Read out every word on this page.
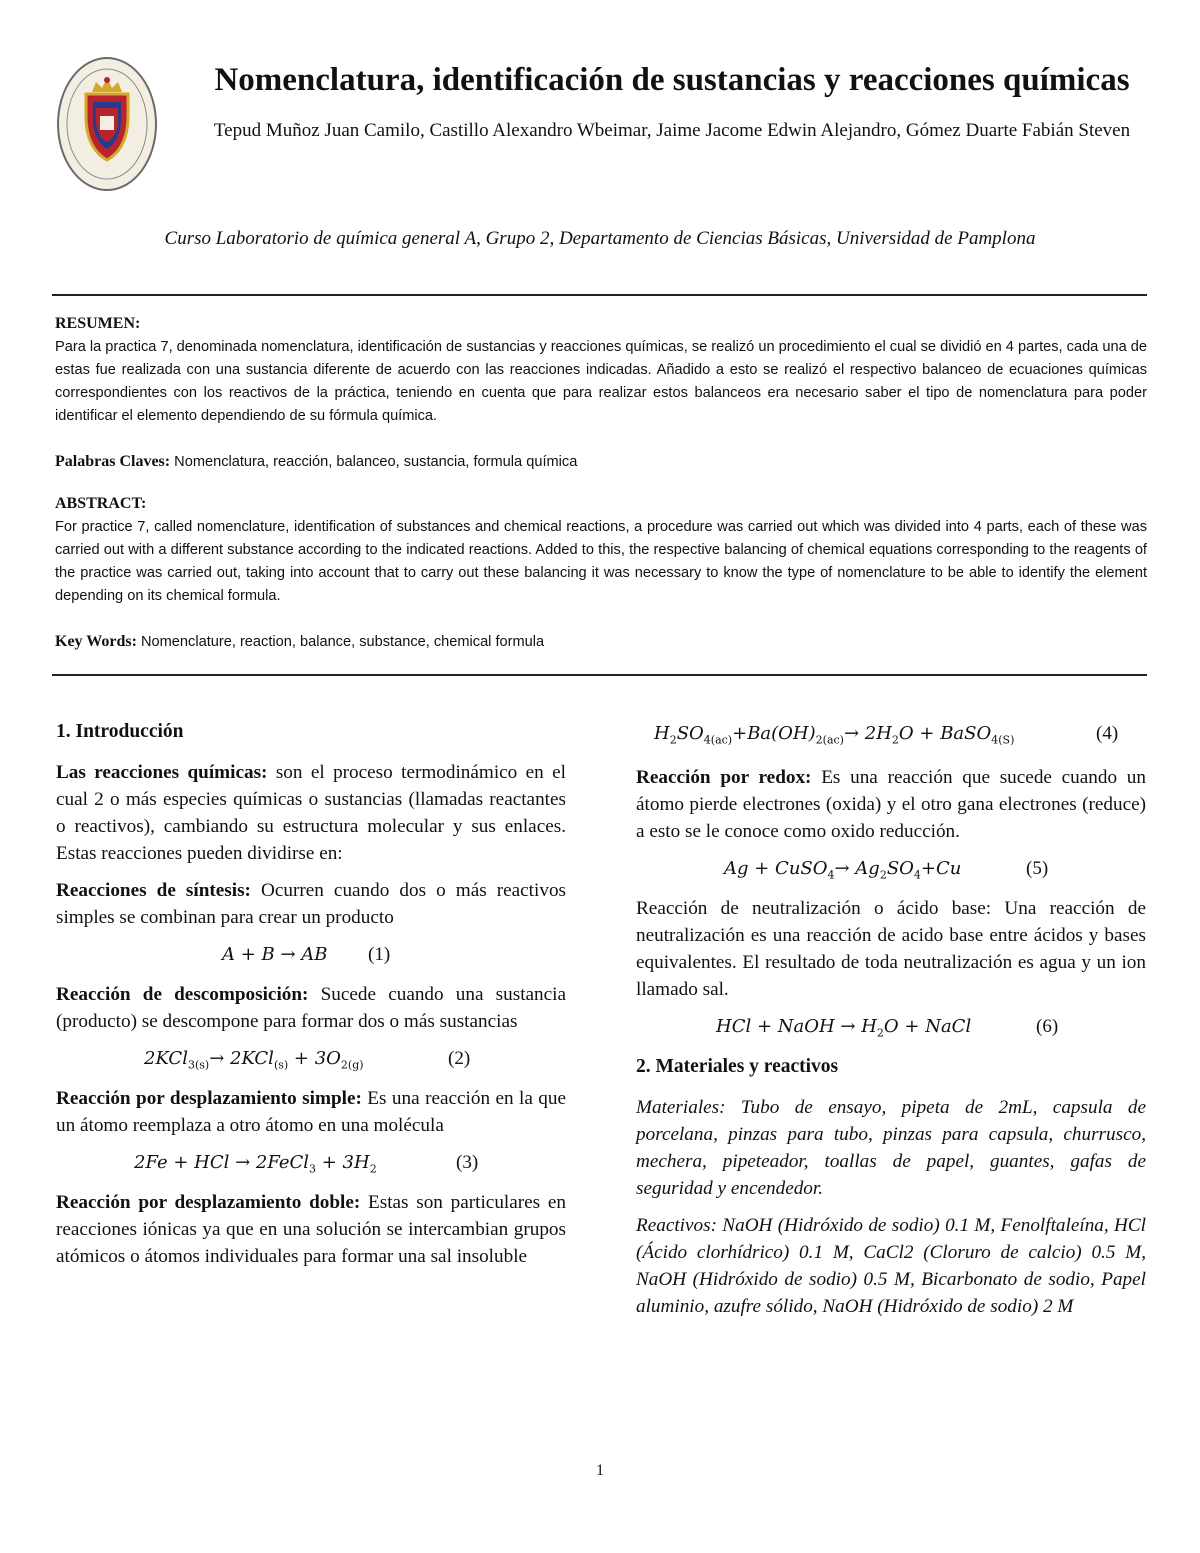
Nomenclatura, identificación de sustancias y reacciones químicas
Tepud Muñoz Juan Camilo, Castillo Alexandro Wbeimar, Jaime Jacome Edwin Alejandro, Gómez Duarte Fabián Steven
Curso Laboratorio de química general A, Grupo 2, Departamento de Ciencias Básicas, Universidad de Pamplona

RESUMEN:

Para la practica 7, denominada nomenclatura, identificación de sustancias y reacciones químicas, se realizó un procedimiento el cual se dividió en 4 partes, cada una de estas fue realizada con una sustancia diferente de acuerdo con las reacciones indicadas. Añadido a esto se realizó el respectivo balanceo de ecuaciones químicas correspondientes con los reactivos de la práctica, teniendo en cuenta que para realizar estos balanceos era necesario saber el tipo de nomenclatura para poder identificar el elemento dependiendo de su fórmula química.

Palabras Claves: Nomenclatura, reacción, balanceo, sustancia, formula química

ABSTRACT:

For practice 7, called nomenclature, identification of substances and chemical reactions, a procedure was carried out which was divided into 4 parts, each of these was carried out with a different substance according to the indicated reactions. Added to this, the respective balancing of chemical equations corresponding to the reagents of the practice was carried out, taking into account that to carry out these balancing it was necessary to know the type of nomenclature to be able to identify the element depending on its chemical formula.

Key Words: Nomenclature, reaction, balance, substance, chemical formula

1. Introducción

Las reacciones químicas: son el proceso termodinámico en el cual 2 o más especies químicas o sustancias (llamadas reactantes o reactivos), cambiando su estructura molecular y sus enlaces. Estas reacciones pueden dividirse en:

Reacciones de síntesis: Ocurren cuando dos o más reactivos simples se combinan para crear un producto

A + B → AB (1)

Reacción de descomposición: Sucede cuando una sustancia (producto) se descompone para formar dos o más sustancias

$2KCl_{3(s)}\to 2KCl_{(s)} + 3O_{2(g)}$	(2)

Reacción por desplazamiento simple: Es una reacción en la que un átomo reemplaza a otro átomo en una molécula

2Fe + HCl → 2FeCl$_3$ + $3H_2$	(3)

Reacción por desplazamiento doble: Estas son particulares en reacciones iónicas ya que en una solución se intercambian grupos atómicos o átomos individuales para formar una sal insoluble

$H_2SO_{4(ac)}+Ba(OH)_{2(ac)}\to 2H_2O$ + BaSO$_{4(S)}$	(4)

Reacción por redox: Es una reacción que sucede cuando un átomo pierde electrones (oxida) y el otro gana electrones (reduce) a esto se le conoce como oxido reducción.

Ag + CuSO$_4$→ $Ag_2SO_4+Cu$	(5)

Reacción de neutralización o ácido base: Una reacción de neutralización es una reacción de acido base entre ácidos y bases equivalentes. El resultado de toda neutralización es agua y un ion llamado sal.

HCl + NaOH → $H_2O$ + NaCl	(6)
2. Materiales y reactivos

Materiales: Tubo de ensayo, pipeta de 2mL, capsula de porcelana, pinzas para tubo, pinzas para capsula, churrusco, mechera, pipeteador, toallas de papel, guantes, gafas de seguridad y encendedor.

Reactivos: NaOH (Hidróxido de sodio) 0.1 M, Fenolftaleína, HCl (Ácido clorhídrico) 0.1 M, CaCl2 (Cloruro de calcio) 0.5 M, NaOH (Hidróxido de sodio) 0.5 M, Bicarbonato de sodio, Papel aluminio, azufre sólido, NaOH (Hidróxido de sodio) 2 M

1
